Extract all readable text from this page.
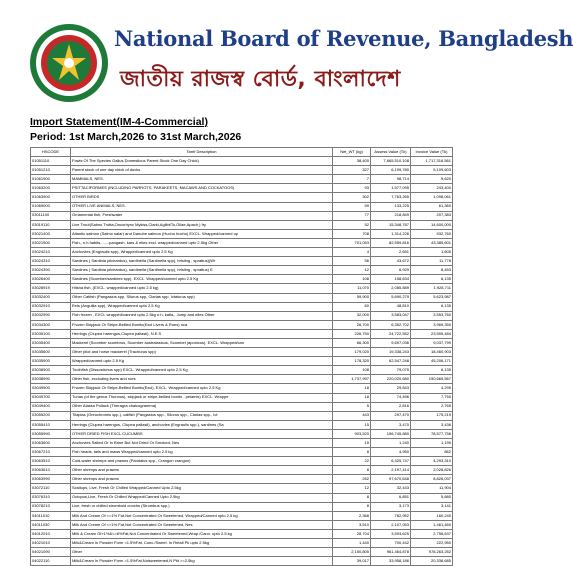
National Board of Revenue, Bangladesh
জাতীয় রাজস্ব বোর্ড, বাংলাদেশ
Import Statement(IM-4-Commercial)
Period: 1st March,2026 to 31st March,2026
HSCODE	Tarrif Description	Net_WT (kg)	Assess Value (Tk)	Invoice Value (Tk)
01051110	Fowls Of The Species Gallus Domesticus Parent Stock One Day Chick)	38,400	7,665,510.108	1,717,316.561
01051210	Parent stock of one day chick of ducks	327	6,199,780	5,109,603
01061900	MAMMALS, NES.	7	98,714	9,620
01063200	PSITTACIFORMES (INCLUDING PARROTS, PARAKEETS, MACAWS AND COCKATOOS)	93	1,577,095	243,400
01063900	OTHER BIRDS	302	7,763,265	1,098,061
01069000	OTHER LIVE ANIMALS, NES.	59	133,225	61,360
03011100	Ornamental fish, Freshwater	77	218,849	207,383
03019110	Live Trout(Salmo Trutta,Oncorhync Mykiss,Clarki,Agilbt/To,Gilae,Apach,) fry	52	15,348,787	14,600,000
03021400	Atlantic salmon (Salmo salar) and Danube salmon (Hucho hucho) EXCL. Wrapped/canned up	708	1,314,226	932,760
03021500	Fish,, n.h.habits,.......pangash, kars & elles excl. wrapped/canned upto 2.5kg Other	701,053	82,559,816	43,385,601
03024210	Anchovies (Engraulis spp), Wrapped/canned upto 2.5 Kg	4	2,651	1,605
03024310	Sardines ( Sardinia pilchardus), sardinella (Sardinella spp), brisling , sprattus)(Wr	56	43,672	11,778
03024390	Sardines ( Sardinia pilchardus), sardinella (Sardinella spp), brisling , sprattus) E	12	6,929	8,453
03026400	Sardines (Scomber/sardines spp), EXCL. Wrapped/canned upto 2.5 Kg	108	158,634	6,135
03028919	Hilsha fish, (EXCL. wrapped/canned upto 2.5 kg)	11,070	2,085,889	1,928,711
03032400	Other Catfish (Pangasius spp, Silurus spp, Clarias spp, Ictalurus spp)	59,900	5,690,279	5,623,987
03032910	Eels (Anguilla spp), Wrapped/canned upto 2.5 Kg	60	48,810	6,135
03032990	Fish frozen , EXCL wrapped/canned upto 2.5kg n.h, katla,, Jump and elles Other	32,000	3,583,047	3,553,760
03034300	Frozen Skipjack Or Stripe-Bellied Bonito(Excl Livers & Roes) nca	26,700	6,352,702	3,969,350
03035100	Herrings (Clupea harengus,Clupea pallasii), N.E.S	226,750	24,722,552	23,595,484
03035400	Mackerel (Scomber scombrus, Scomber australasicus, Scomber japonicus), EXCL. Wrapped/can	66,300	9,697,036	9,037,799
03035600	Other pilot and horse mackerel (Trachurus spp)	179,020	19,338,243	18,460,903
03035900	Wrapped/canned upto 2.5 Kg	178,320	62,547,248	45,206,171
03038900	Toothfish (Dissostichus spp) EXCL. Wrapped/canned upto 2.5 Kg	108	79,075	6,135
03038990	Other fish, excluding livers and roes	1,737,997	220,020,680	190,665,567
03049900	Frozen Skipjack Or Stripe-Bellied Bonito(Excl), EXCL. Wrapped/canned upto 2.5 Kg	18	29,843	4,295
03049700	Tunas (of the genus Thunnus), skipjack or stripe-bellied bonito , pelamis) EXCL. Wrappe	18	74,496	7,750
03049400	Other Alaska Pollack (Theragra chalcogramma)	5	2,816	2,765
03055200	Tilapias (Oreochromis spp.), catfish (Pangasius spp., Silurus spp., Clarias spp., Ict	443	297,470	175,219
03055410	Herrings (Clupea harengus, Clupea pallasii), anchovies (Engraulis spp.), sardines (Sa	15	3,470	3,436
03055990	OTHER DRIED FISH EXCL CUCUMBS	903,520	156,745,880	78,577,756
03063600	Anchovies Salted Or In Brine But Not Dried Or Smoked, Nes	15	1,240	1,199
03067210	Fish heads, tails and maws Wrapped/canned upto 2.5 kg	8	4,950	862
03063510	Cold-water shrimps and prawns (Pandalus spp., Crangon crangon)	22	6,325,747	4,293,310
03063610	Other shrimps and prawns	8	2,197,414	2,028,826
03063990	Other shrimps and prawns	252	97,670,648	8,826,037
03072110	Scallops, Live, Fresh Or Chilled Wrapped/Canned Upto 2.5kg	12	32,443	11,904
03076310	Octopus,Live, Fresh Or Chilled Wrapped/Canned Upto 2.5kg	8	6,851	5,880
03078210	Live, fresh or chilled stromboid conchs (Strombus spp.)	8	3,173	3,141
04011010	Milk And Cream Of <=1% Fat,Not Concentrated Or Sweetened, Wrapped/Canned upto 2.5 kg	2,368	782,952	160,240
04011030	Milk And Cream Of <=1% Fat,Not Concentrated Or Sweetened, Nes	3,510	2,107,053	1,461,460
04012010	Milk & Cream Of>1%&<=6%Fat,Not Concentrated Or Sweetened,Wrap./Cann. upto 2.5 kg	28,704	3,593,625	2,756,637
04021010	Milk&Cream In Powder Form <1.5%Fat, Conc./Sweet. In Retail Pk upto 2.5kg	1,440	700,442	222,950
04021090	Other	2,150,805	961,464,878	978,263,252
04022110	Milk&Cream In Powder Form >1.5%Fat,Nolsweetened,N Pkt >=2.5kg	39,017	33,958,186	20,338,685
